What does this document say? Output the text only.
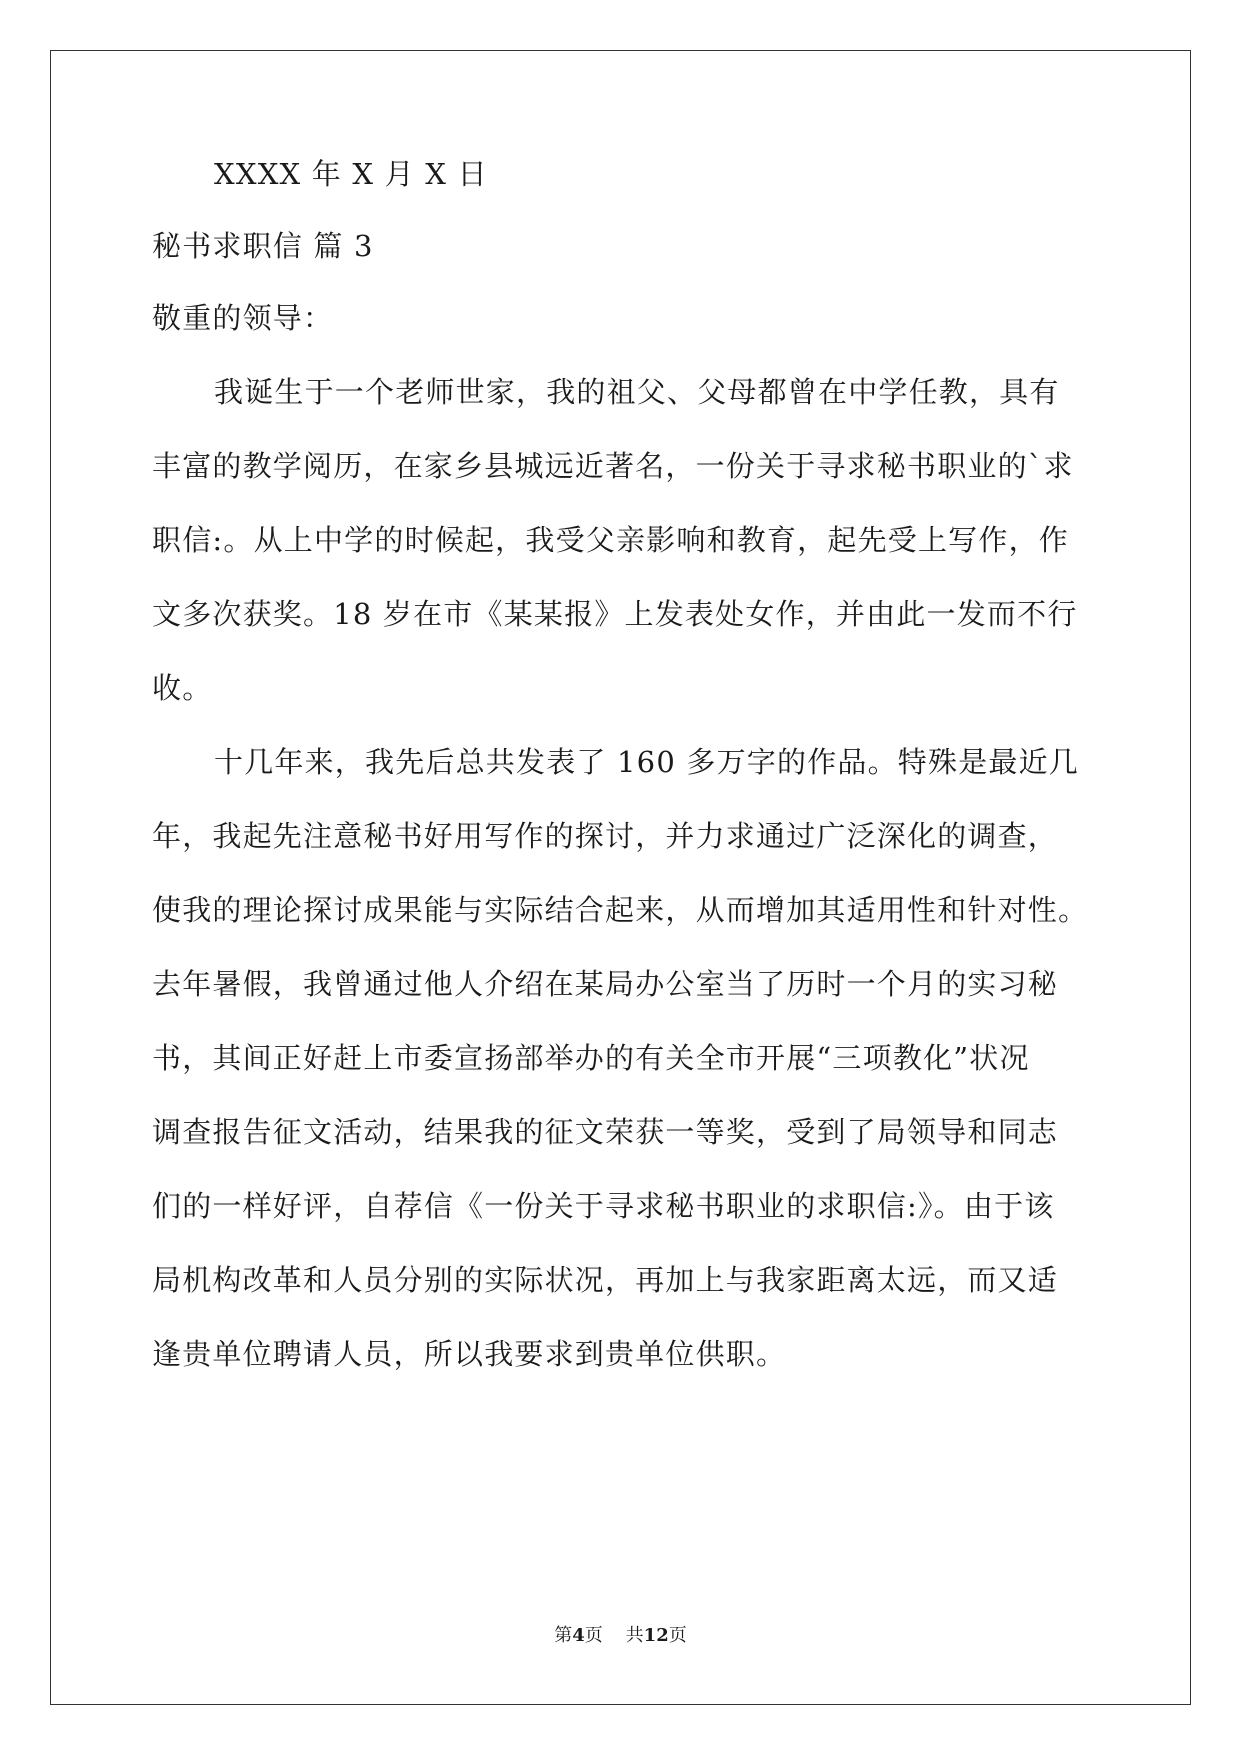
XXXX 年 X 月 X 日
秘书求职信 篇 3
敬重的领导：
我诞生于一个老师世家，我的祖父、父母都曾在中学任教，具有
丰富的教学阅历，在家乡县城远近著名，一份关于寻求秘书职业的`求
职信:。从上中学的时候起，我受父亲影响和教育，起先受上写作，作
文多次获奖。18 岁在市《某某报》上发表处女作，并由此一发而不行
收。
十几年来，我先后总共发表了 160 多万字的作品。特殊是最近几
年，我起先注意秘书好用写作的探讨，并力求通过广泛深化的调查，
使我的理论探讨成果能与实际结合起来，从而增加其适用性和针对性。
去年暑假，我曾通过他人介绍在某局办公室当了历时一个月的实习秘
书，其间正好赶上市委宣扬部举办的有关全市开展“三项教化”状况
调查报告征文活动，结果我的征文荣获一等奖，受到了局领导和同志
们的一样好评，自荐信《一份关于寻求秘书职业的求职信:》。由于该
局机构改革和人员分别的实际状况，再加上与我家距离太远，而又适
逢贵单位聘请人员，所以我要求到贵单位供职。
第4页 共12页
